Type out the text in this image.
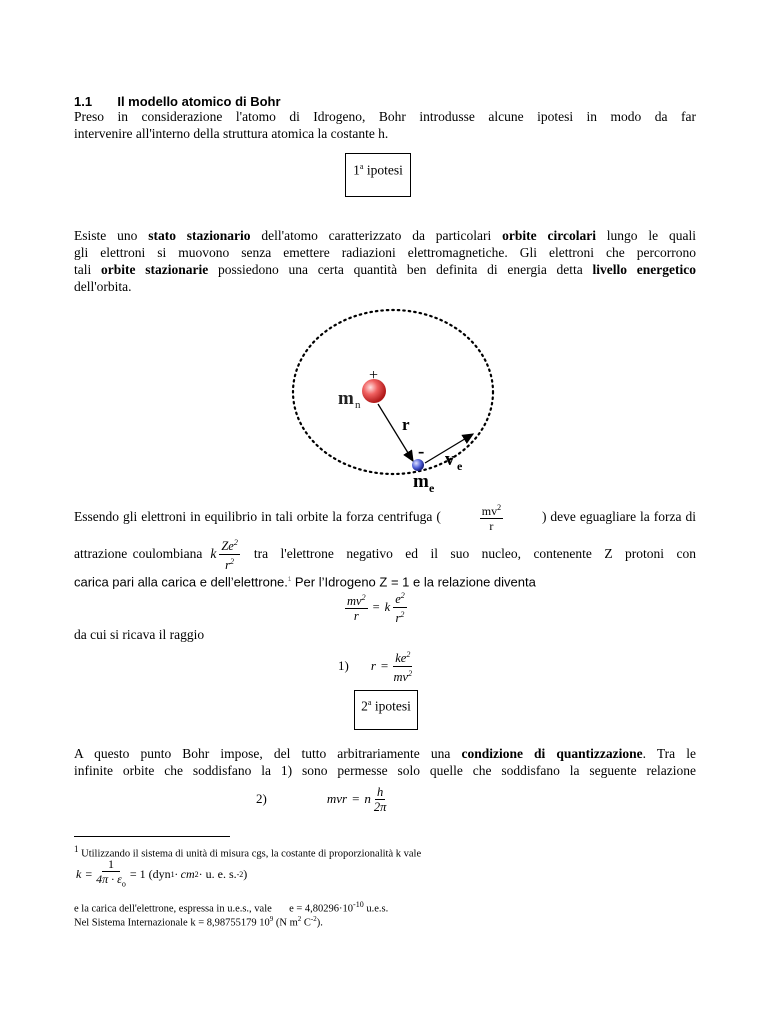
1.1 Il modello atomico di Bohr
Preso in considerazione l'atomo di Idrogeno, Bohr introdusse alcune ipotesi in modo da far
intervenire all'interno della struttura atomica la costante h.
1$^a$ ipotesi
Esiste uno stato stazionario dell'atomo caratterizzato da particolari orbite circolari lungo le quali
gli elettroni si muovono senza emettere radiazioni elettromagnetiche. Gli elettroni che percorrono
tali orbite stazionarie possiedono una certa quantità ben definita di energia detta livello energetico
dell'orbita.
+
m n
r
- v e
m e
Essendo gli elettroni in equilibrio in tali orbite la forza centrifuga (	$\frac{mv^2}{r}$	) deve eguagliare la forza di
attrazione coulombiana k $\frac{Ze^2}{r^2}$ tra l'elettrone negativo ed il suo nucleo, contenente Z protoni con
carica pari alla carica e dell’elettrone.$^1$ Per l’Idrogeno Z = 1 e la relazione diventa
$\frac{mv^2}{r} = k \frac{e^2}{r^2}$
da cui si ricava il raggio
1) $r = \frac{ke^2}{mv^2}$
2$^a$ ipotesi
A questo punto Bohr impose, del tutto arbitrariamente una condizione di quantizzazione. Tra le
infinite orbite che soddisfano la 1) sono permesse solo quelle che soddisfano la seguente relazione
2)	mvr = n $\frac{h}{2\pi}$
$^1$ Utilizzando il sistema di unità di misura cgs, la costante di proporzionalità k vale
$k = \frac{1}{4\pi \cdot \varepsilon_o} = 1$ (dyn 1 · cm 2 · u. e. s. -2 )
e la carica dell'elettrone, espressa in u.e.s., vale $e = 4,80296\cdot 10^{-10}$ u.e.s.
Nel Sistema Internazionale k = 8,98755179 $10^9$ (N $m^2$ $C^{-2}$).
